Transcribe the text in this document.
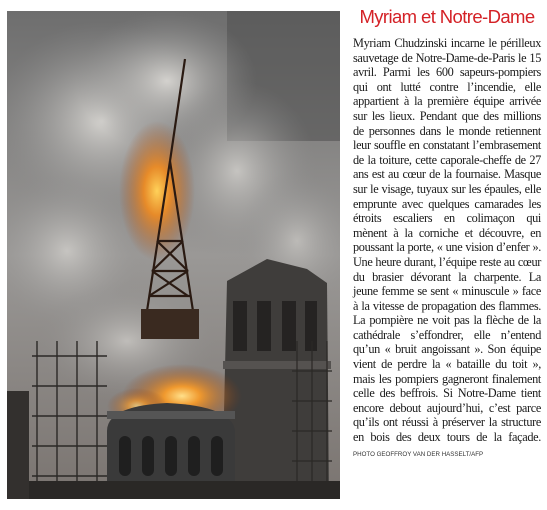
Myriam et Notre-Dame

Myriam Chudzinski incarne le périlleux sauvetage de Notre-Dame-de-Paris le 15 avril. Parmi les 600 sapeurs-pompiers qui ont lutté contre l’incendie, elle appartient à la première équipe arrivée sur les lieux. Pendant que des millions de personnes dans le monde retiennent leur souffle en constatant l’embrasement de la toiture, cette caporale-cheffe de 27 ans est au cœur de la fournaise. Masque sur le visage, tuyaux sur les épaules, elle emprunte avec quelques camarades les étroits escaliers en colimaçon qui mènent à la corniche et découvre, en poussant la porte, « une vision d’enfer ». Une heure durant, l’équipe reste au cœur du brasier dévorant la charpente. La jeune femme se sent « minuscule » face à la vitesse de propagation des flammes. La pompière ne voit pas la flèche de la cathédrale s’effondrer, elle n’entend qu’un « bruit angoissant ». Son équipe vient de perdre la « bataille du toit », mais les pompiers gagneront finalement celle des beffrois. Si Notre-Dame tient encore debout aujourd’hui, c’est parce qu’ils ont réussi à préserver la structure en bois des deux tours de la façade. PHOTO GEOFFROY VAN DER HASSELT/AFP
